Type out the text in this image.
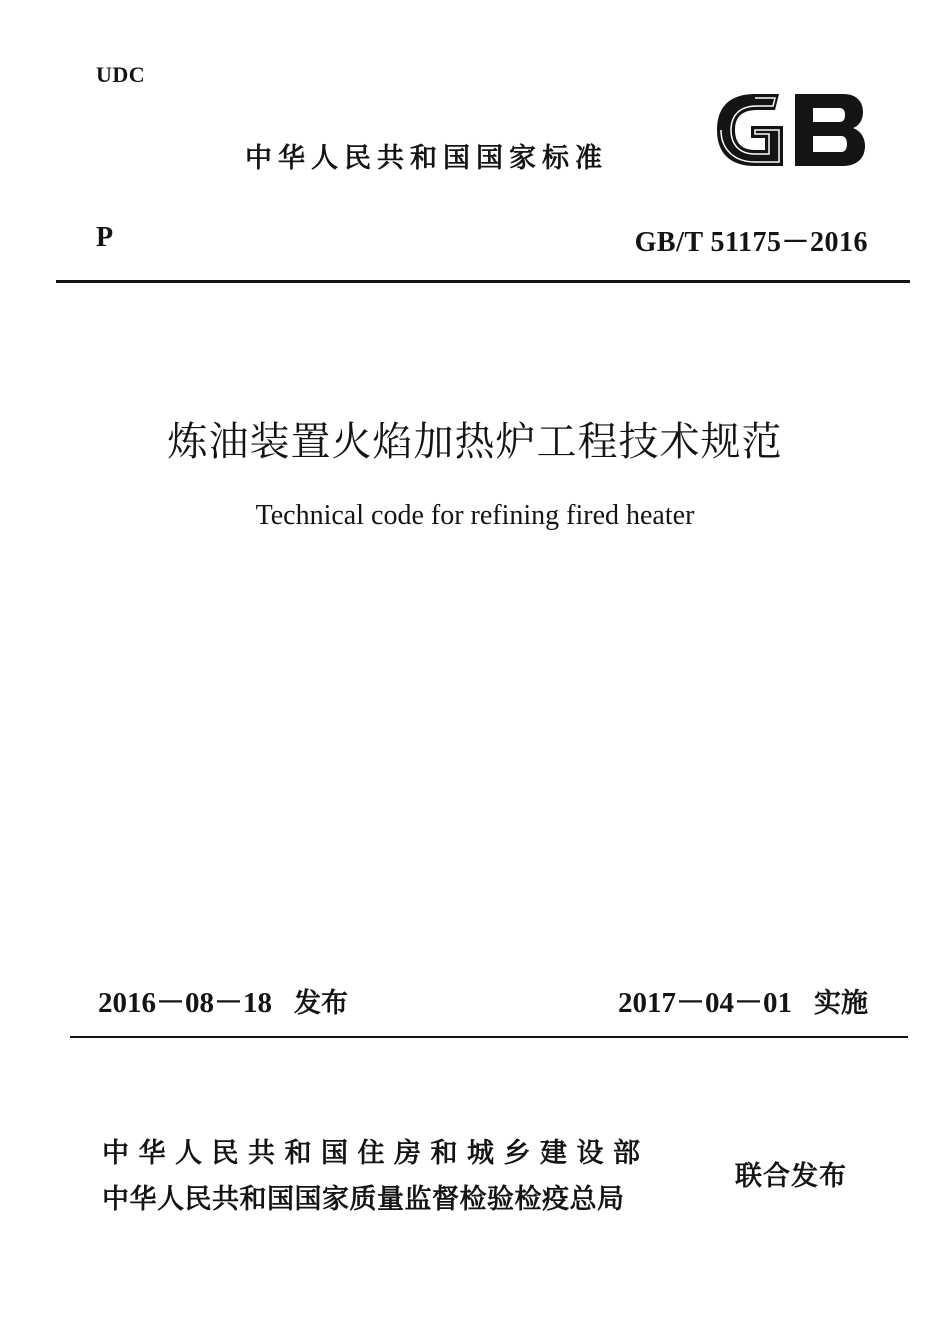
UDC
中华人民共和国国家标准
P	GB/T 51175－2016
炼油装置火焰加热炉工程技术规范
Technical code for refining fired heater
2016－08－18 发布	2017－04－01 实施
中华人民共和国住房和城乡建设部
中华人民共和国国家质量监督检验检疫总局
联合发布
